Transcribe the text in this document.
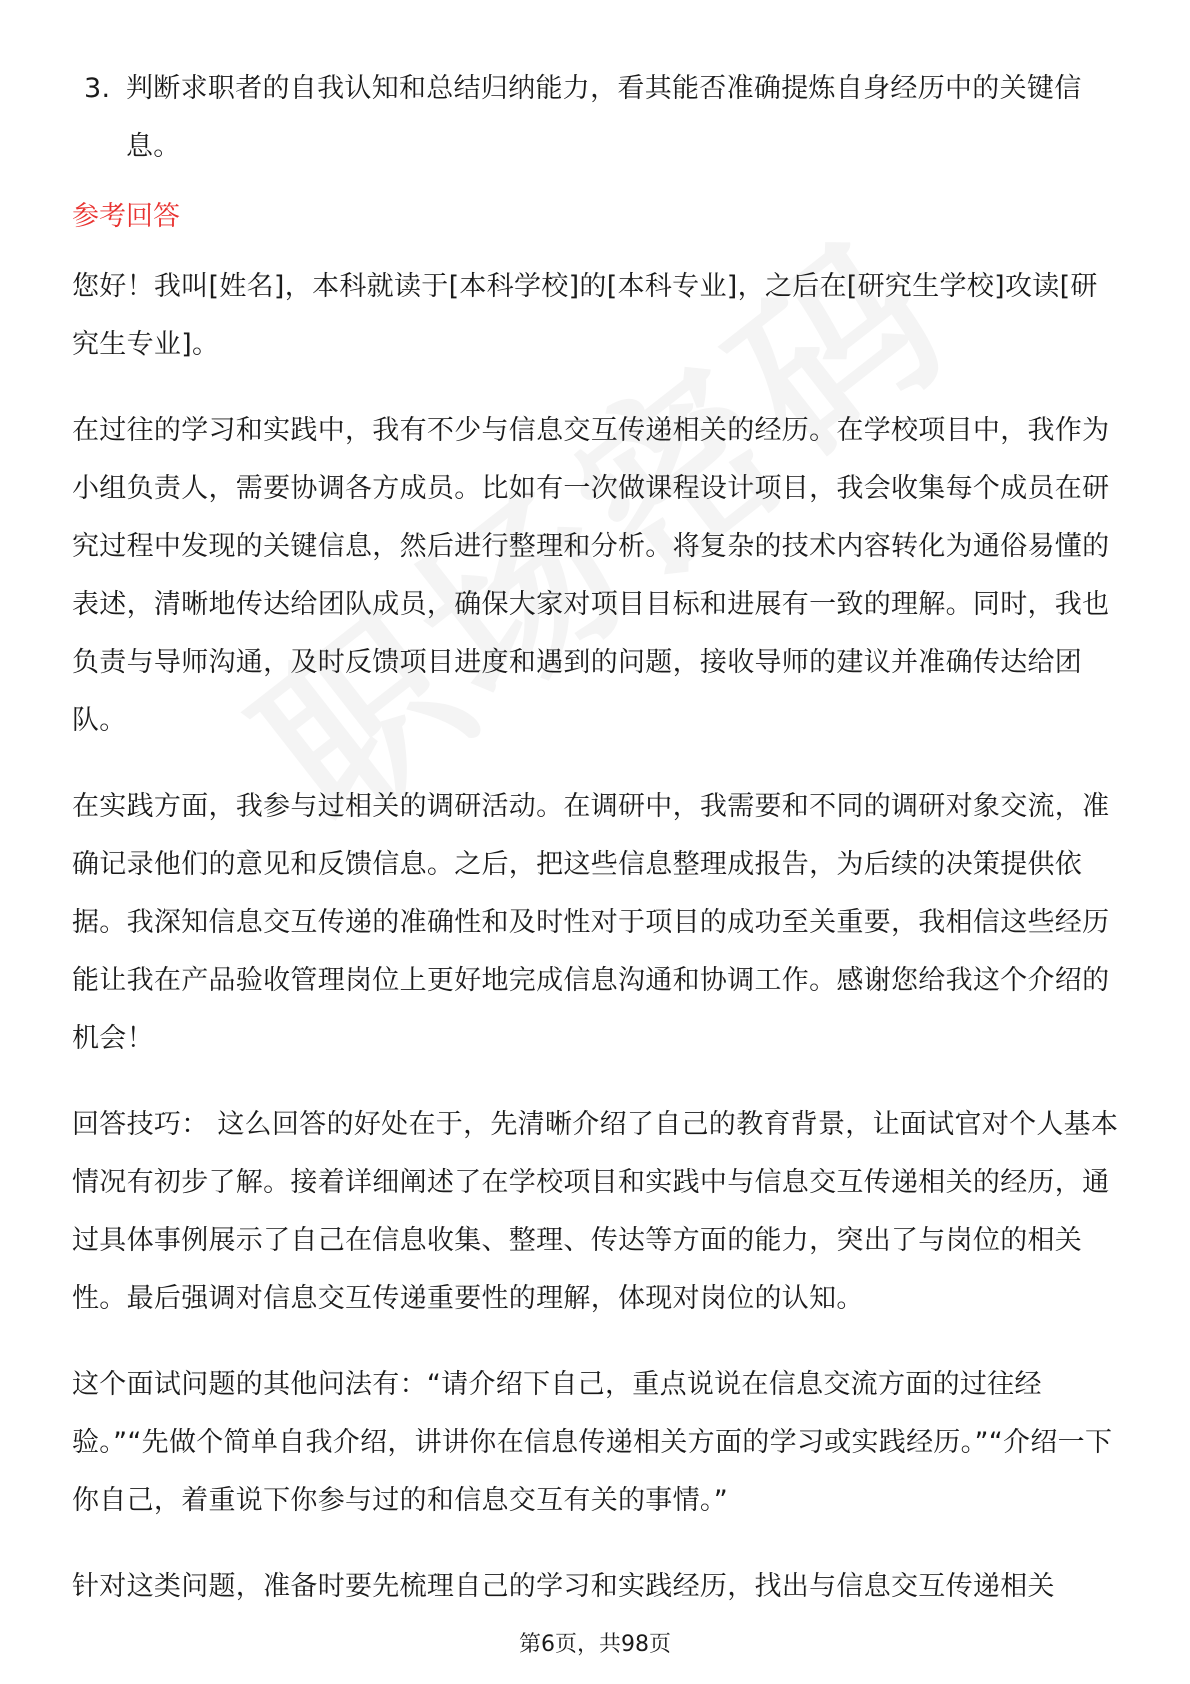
3. 判断求职者的自我认知和总结归纳能力，看其能否准确提炼自身经历中的关键信息。
参考回答

您好！我叫[姓名]，本科就读于[本科学校]的[本科专业]，之后在[研究生学校]攻读[研究生专业]。

在过往的学习和实践中，我有不少与信息交互传递相关的经历。在学校项目中，我作为小组负责人，需要协调各方成员。比如有一次做课程设计项目，我会收集每个成员在研究过程中发现的关键信息，然后进行整理和分析。将复杂的技术内容转化为通俗易懂的表述，清晰地传达给团队成员，确保大家对项目目标和进展有一致的理解。同时，我也负责与导师沟通，及时反馈项目进度和遇到的问题，接收导师的建议并准确传达给团队。

在实践方面，我参与过相关的调研活动。在调研中，我需要和不同的调研对象交流，准确记录他们的意见和反馈信息。之后，把这些信息整理成报告，为后续的决策提供依据。我深知信息交互传递的准确性和及时性对于项目的成功至关重要，我相信这些经历能让我在产品验收管理岗位上更好地完成信息沟通和协调工作。感谢您给我这个介绍的机会！

回答技巧： 这么回答的好处在于，先清晰介绍了自己的教育背景，让面试官对个人基本情况有初步了解。接着详细阐述了在学校项目和实践中与信息交互传递相关的经历，通过具体事例展示了自己在信息收集、整理、传达等方面的能力，突出了与岗位的相关性。最后强调对信息交互传递重要性的理解，体现对岗位的认知。

这个面试问题的其他问法有：“请介绍下自己，重点说说在信息交流方面的过往经验。”“先做个简单自我介绍，讲讲你在信息传递相关方面的学习或实践经历。”“介绍一下你自己，着重说下你参与过的和信息交互有关的事情。”

针对这类问题，准备时要先梳理自己的学习和实践经历，找出与信息交互传递相关

第6页，共98页
